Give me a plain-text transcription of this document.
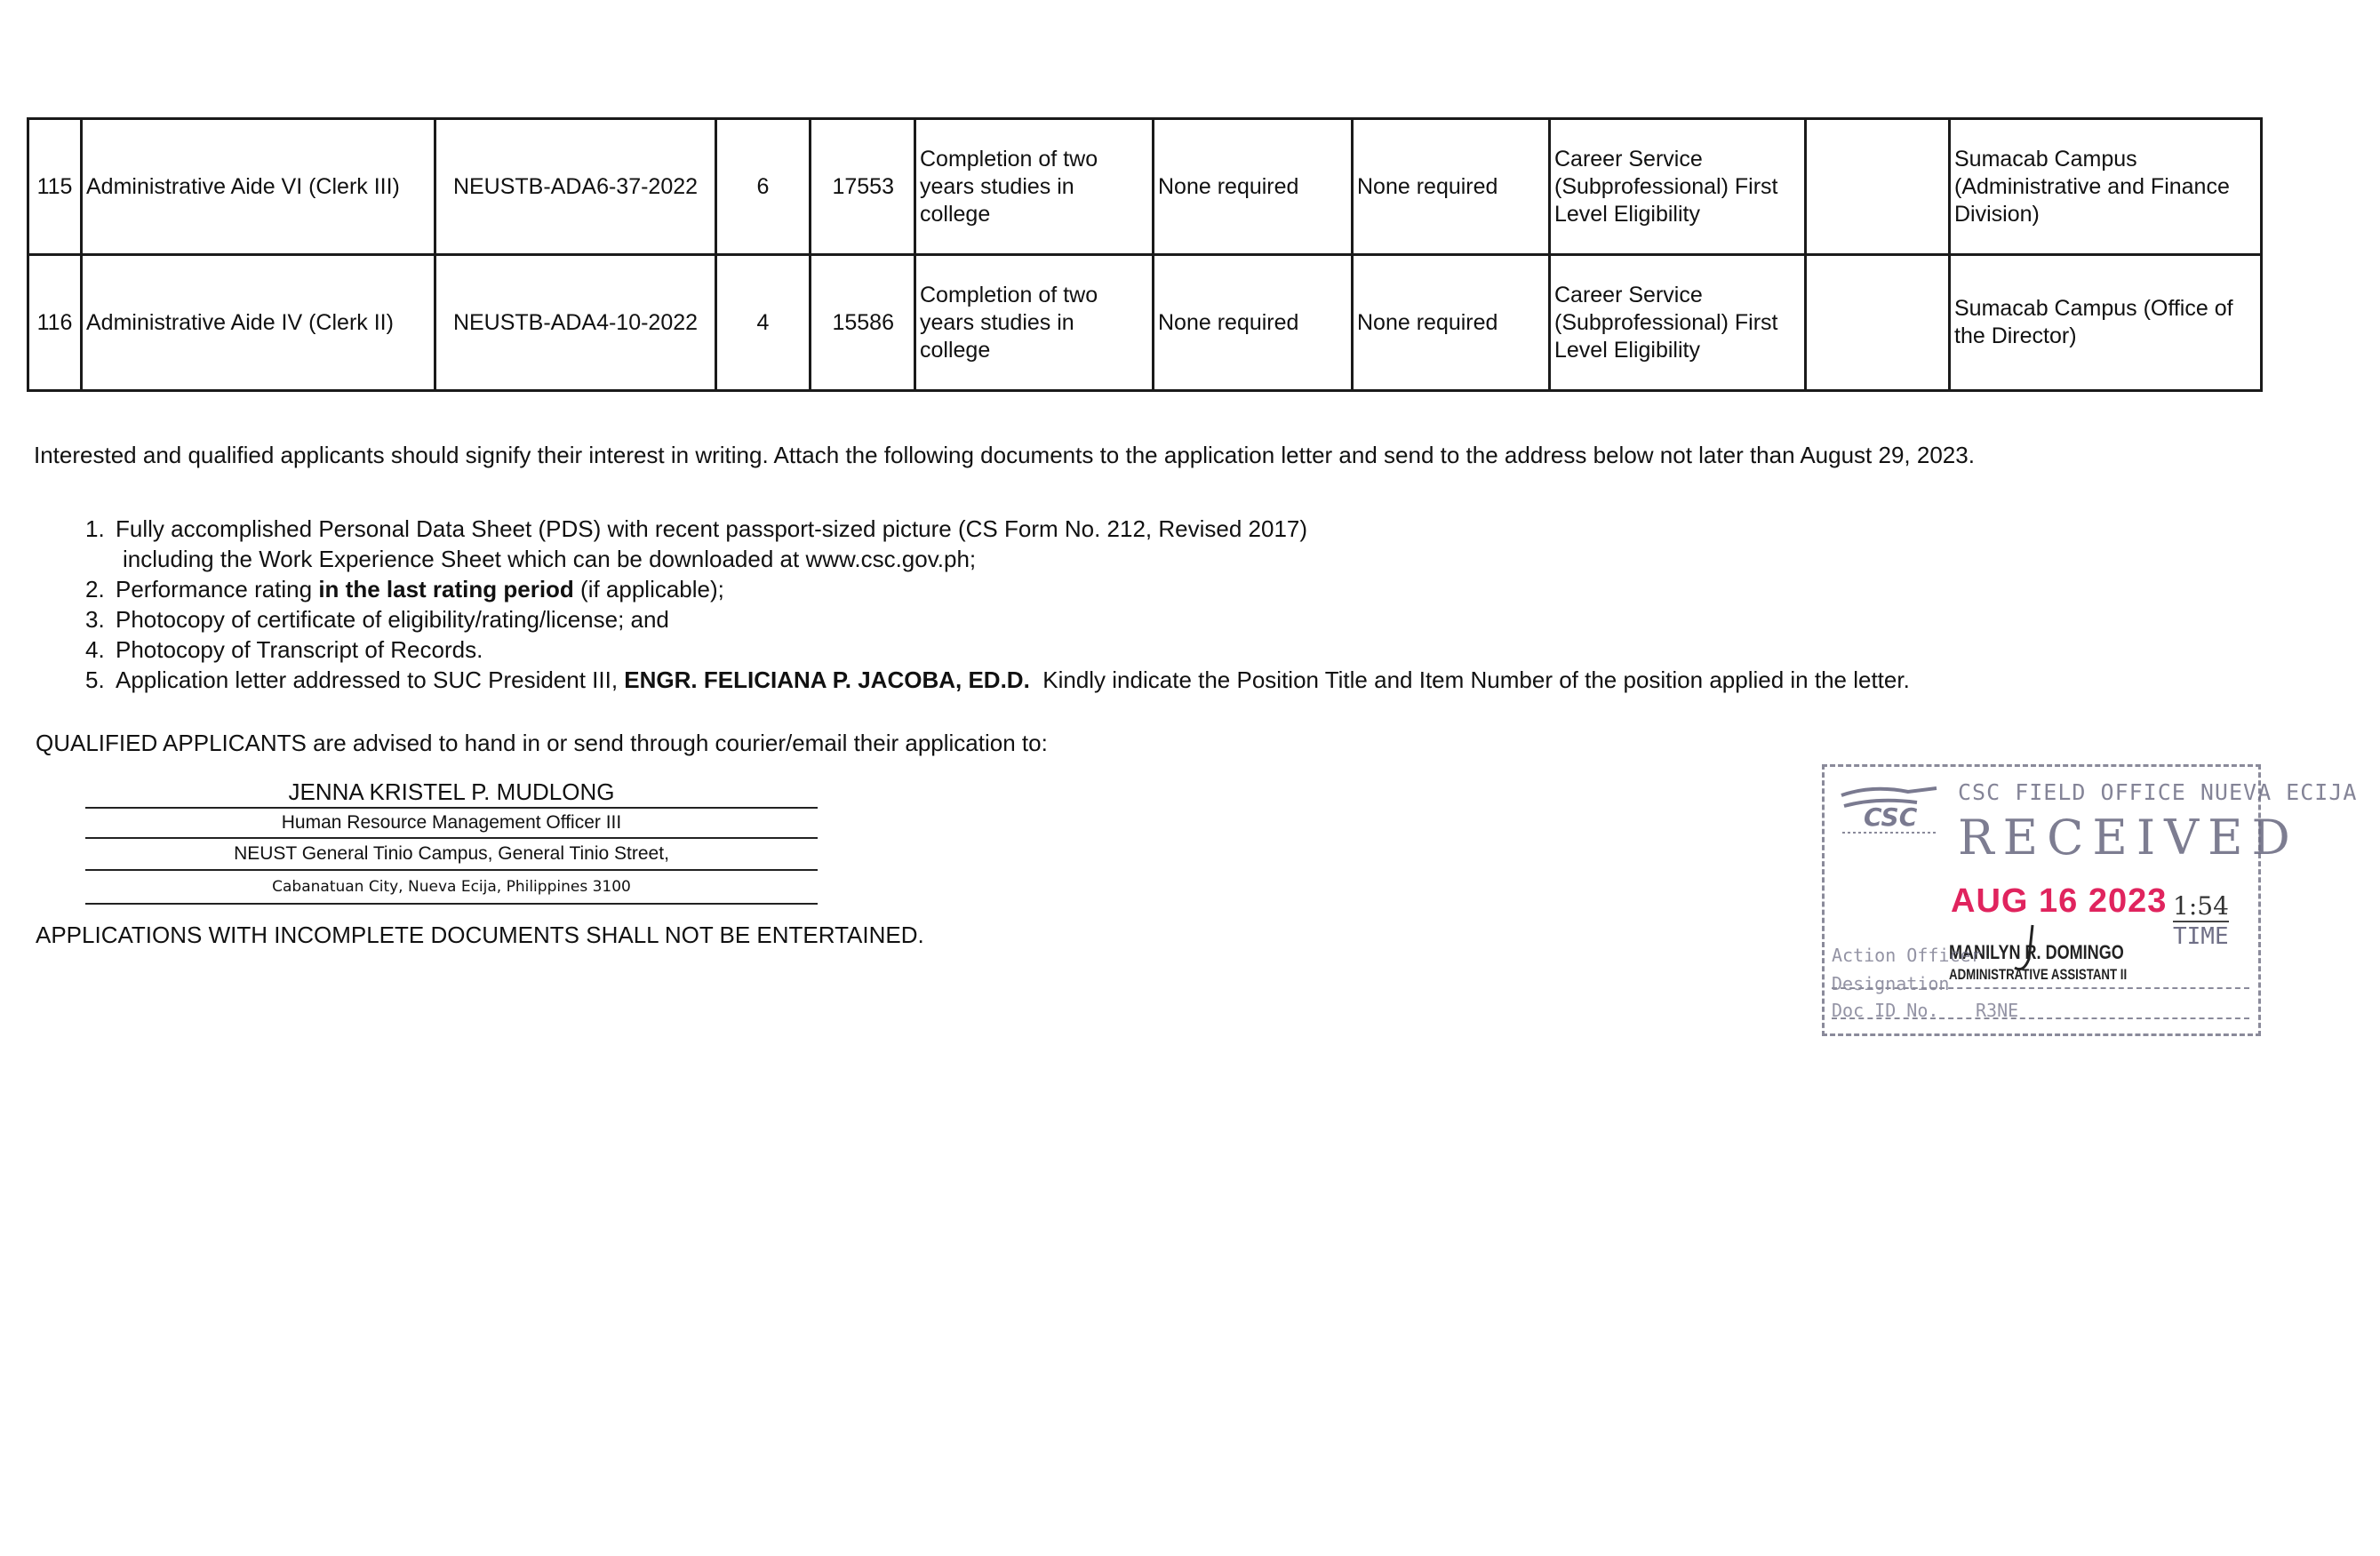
115	Administrative Aide VI (Clerk III)	NEUSTB-ADA6-37-2022	6	17553	Completion of two years studies in college	None required	None required	Career Service (Subprofessional) First Level Eligibility		Sumacab Campus (Administrative and Finance Division)
116	Administrative Aide IV (Clerk II)	NEUSTB-ADA4-10-2022	4	15586	Completion of two years studies in college	None required	None required	Career Service (Subprofessional) First Level Eligibility		Sumacab Campus (Office of the Director)
Interested and qualified applicants should signify their interest in writing. Attach the following documents to the application letter and send to the address below not later than August 29, 2023.
1. Fully accomplished Personal Data Sheet (PDS) with recent passport-sized picture (CS Form No. 212, Revised 2017)
including the Work Experience Sheet which can be downloaded at www.csc.gov.ph;
2. Performance rating in the last rating period (if applicable);
3. Photocopy of certificate of eligibility/rating/license; and
4. Photocopy of Transcript of Records.
5. Application letter addressed to SUC President III, ENGR. FELICIANA P. JACOBA, ED.D.  Kindly indicate the Position Title and Item Number of the position applied in the letter.
QUALIFIED APPLICANTS are advised to hand in or send through courier/email their application to:
JENNA KRISTEL P. MUDLONG
Human Resource Management Officer III
NEUST General Tinio Campus, General Tinio Street,
Cabanatuan City, Nueva Ecija, Philippines 3100
APPLICATIONS WITH INCOMPLETE DOCUMENTS SHALL NOT BE ENTERTAINED.
CSC
CSC FIELD OFFICE NUEVA ECIJA
RECEIVED
AUG 16 2023 1:54
TIME
MANILYN R. DOMINGO
ADMINISTRATIVE ASSISTANT II
Action Officer
Designation
Doc ID No. R3NE
